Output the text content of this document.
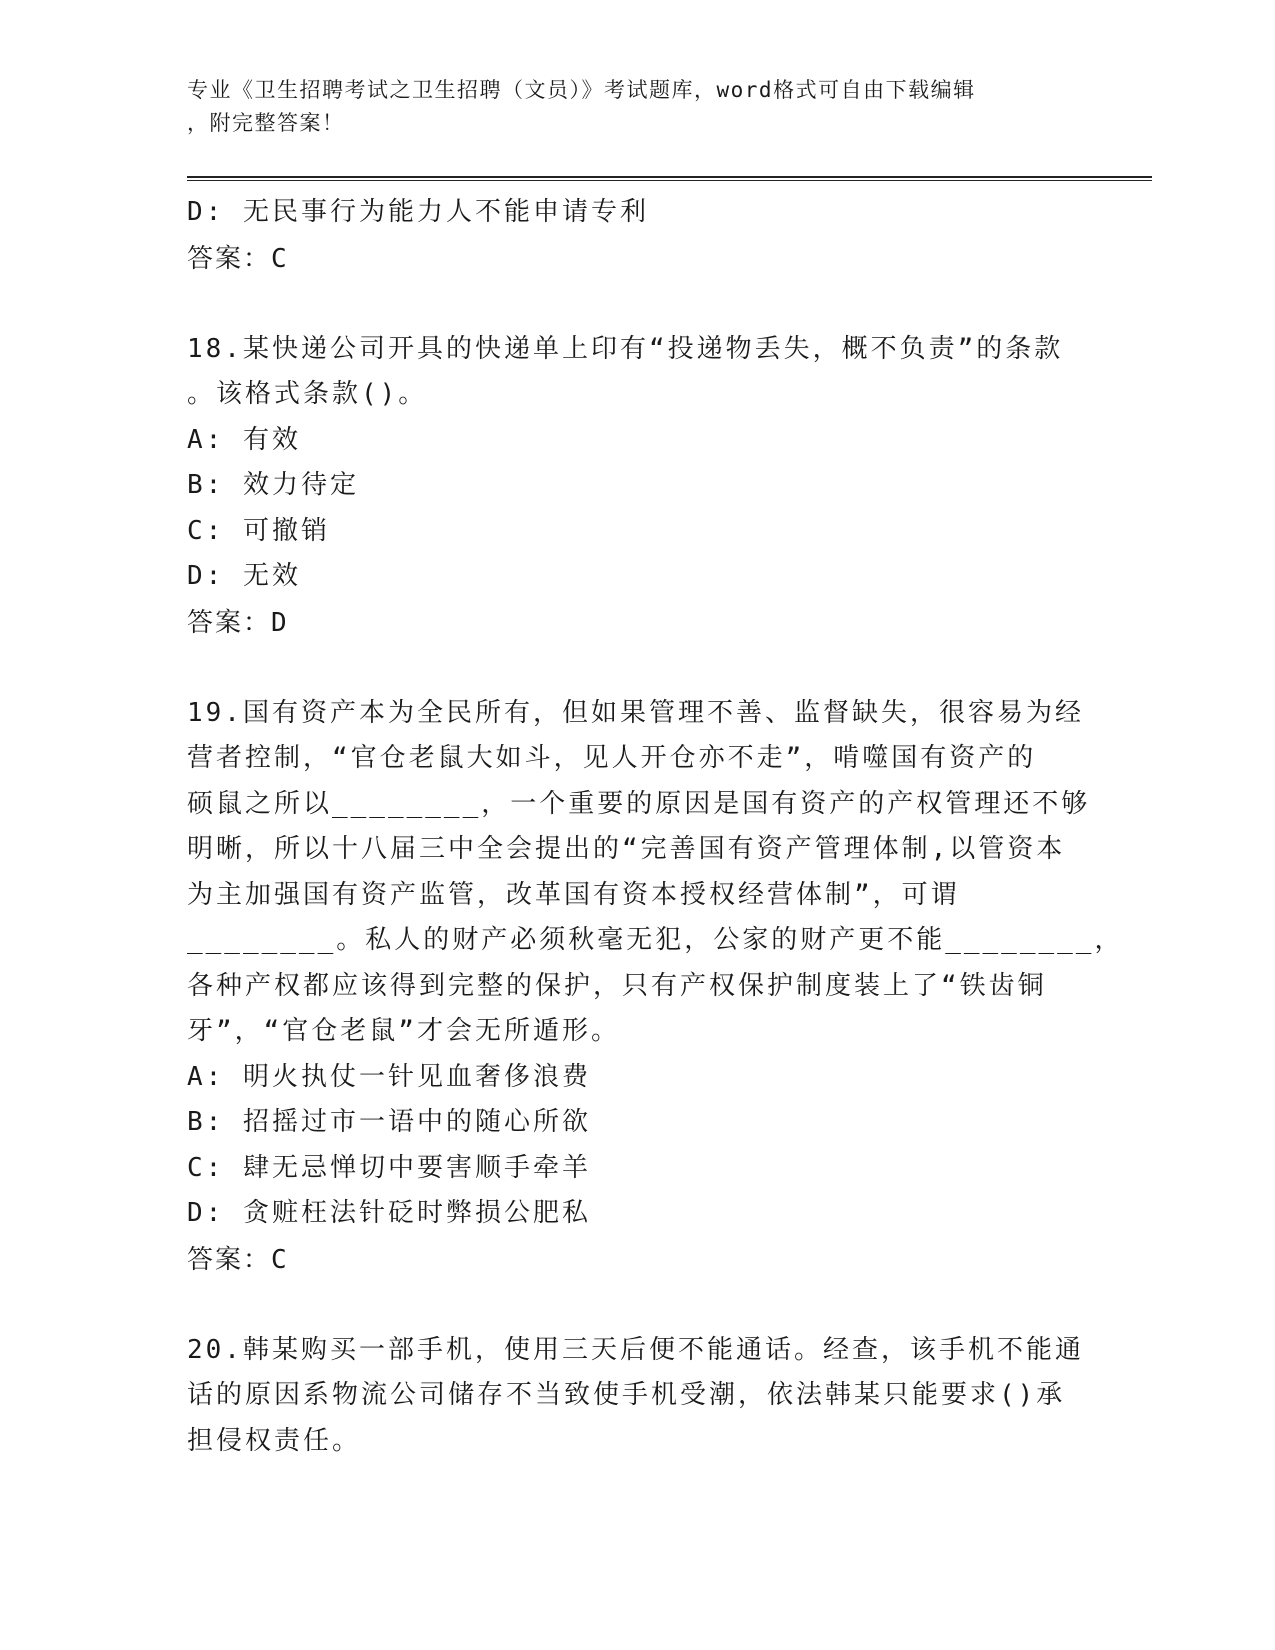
专业《卫生招聘考试之卫生招聘（文员）》考试题库，word格式可自由下载编辑
，附完整答案！
D: 无民事行为能力人不能申请专利
答案：C
18.某快递公司开具的快递单上印有“投递物丢失，概不负责”的条款
。该格式条款()。
A: 有效
B: 效力待定
C: 可撤销
D: 无效
答案：D
19.国有资产本为全民所有，但如果管理不善、监督缺失，很容易为经
营者控制，“官仓老鼠大如斗，见人开仓亦不走”，啃噬国有资产的
硕鼠之所以________，一个重要的原因是国有资产的产权管理还不够
明晰，所以十八届三中全会提出的“完善国有资产管理体制,以管资本
为主加强国有资产监管，改革国有资本授权经营体制”，可谓
________。私人的财产必须秋毫无犯，公家的财产更不能________，
各种产权都应该得到完整的保护，只有产权保护制度装上了“铁齿铜
牙”，“官仓老鼠”才会无所遁形。
A: 明火执仗一针见血奢侈浪费
B: 招摇过市一语中的随心所欲
C: 肆无忌惮切中要害顺手牵羊
D: 贪赃枉法针砭时弊损公肥私
答案：C
20.韩某购买一部手机，使用三天后便不能通话。经查，该手机不能通
话的原因系物流公司储存不当致使手机受潮，依法韩某只能要求()承
担侵权责任。
